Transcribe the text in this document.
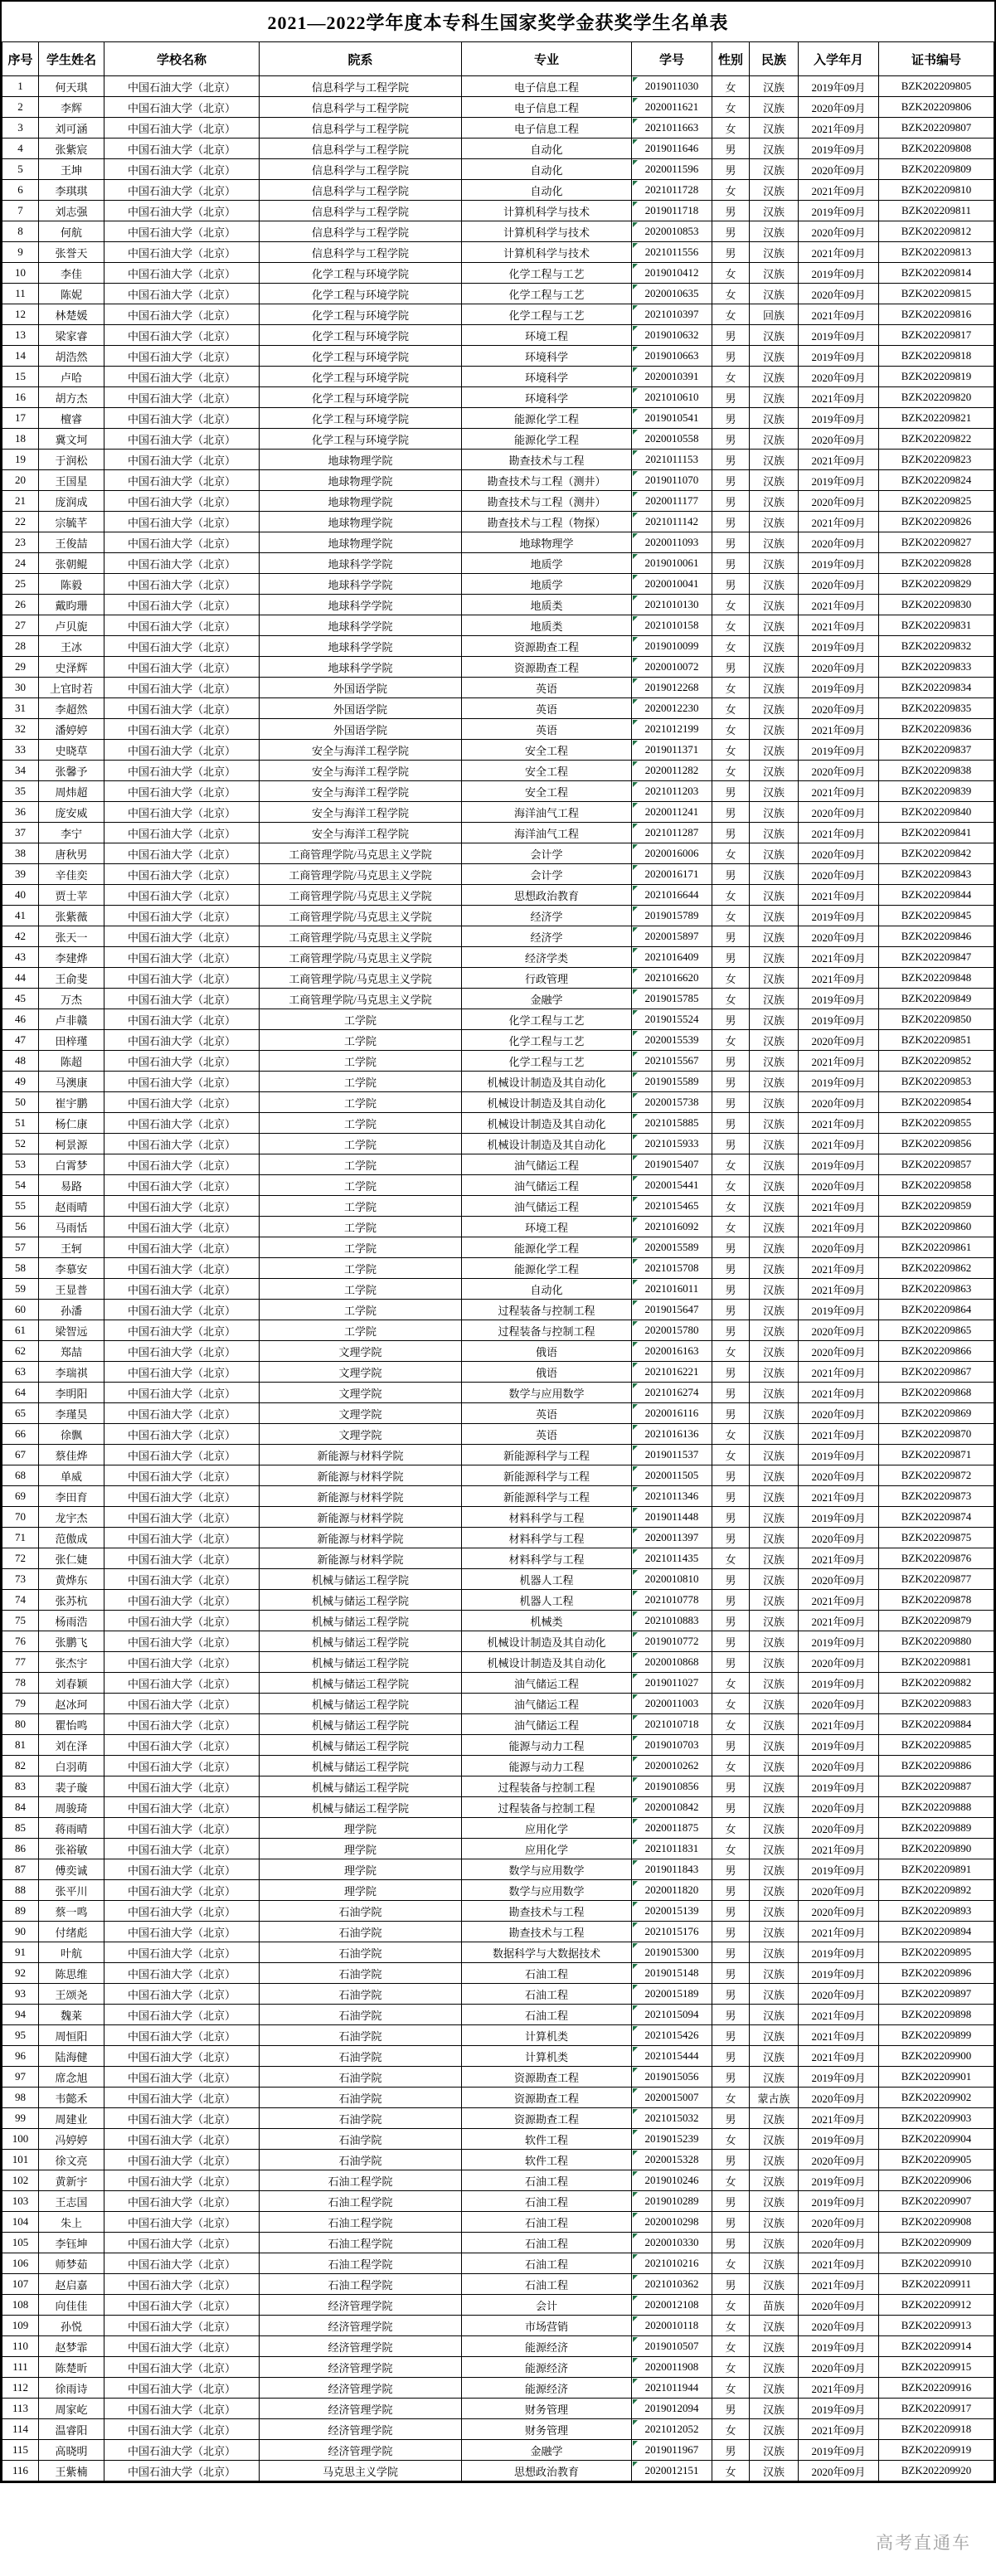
2021—2022学年度本专科生国家奖学金获奖学生名单表
序号	学生姓名	学校名称	院系	专业	学号	性别	民族	入学年月	证书编号
1	何天琪	中国石油大学（北京）	信息科学与工程学院	电子信息工程	2019011030	女	汉族	2019年09月	BZK202209805
2	李辉	中国石油大学（北京）	信息科学与工程学院	电子信息工程	2020011621	女	汉族	2020年09月	BZK202209806
3	刘可涵	中国石油大学（北京）	信息科学与工程学院	电子信息工程	2021011663	女	汉族	2021年09月	BZK202209807
4	张紫宸	中国石油大学（北京）	信息科学与工程学院	自动化	2019011646	男	汉族	2019年09月	BZK202209808
5	王坤	中国石油大学（北京）	信息科学与工程学院	自动化	2020011596	男	汉族	2020年09月	BZK202209809
6	李琪琪	中国石油大学（北京）	信息科学与工程学院	自动化	2021011728	女	汉族	2021年09月	BZK202209810
7	刘志强	中国石油大学（北京）	信息科学与工程学院	计算机科学与技术	2019011718	男	汉族	2019年09月	BZK202209811
8	何航	中国石油大学（北京）	信息科学与工程学院	计算机科学与技术	2020010853	男	汉族	2020年09月	BZK202209812
9	张誉天	中国石油大学（北京）	信息科学与工程学院	计算机科学与技术	2021011556	男	汉族	2021年09月	BZK202209813
10	李佳	中国石油大学（北京）	化学工程与环境学院	化学工程与工艺	2019010412	女	汉族	2019年09月	BZK202209814
11	陈妮	中国石油大学（北京）	化学工程与环境学院	化学工程与工艺	2020010635	女	汉族	2020年09月	BZK202209815
12	林楚媛	中国石油大学（北京）	化学工程与环境学院	化学工程与工艺	2021010397	女	回族	2021年09月	BZK202209816
13	梁家睿	中国石油大学（北京）	化学工程与环境学院	环境工程	2019010632	男	汉族	2019年09月	BZK202209817
14	胡浩然	中国石油大学（北京）	化学工程与环境学院	环境科学	2019010663	男	汉族	2019年09月	BZK202209818
15	卢哈	中国石油大学（北京）	化学工程与环境学院	环境科学	2020010391	女	汉族	2020年09月	BZK202209819
16	胡方杰	中国石油大学（北京）	化学工程与环境学院	环境科学	2021010610	男	汉族	2021年09月	BZK202209820
17	檀睿	中国石油大学（北京）	化学工程与环境学院	能源化学工程	2019010541	男	汉族	2019年09月	BZK202209821
18	冀文坷	中国石油大学（北京）	化学工程与环境学院	能源化学工程	2020010558	男	汉族	2020年09月	BZK202209822
19	于润松	中国石油大学（北京）	地球物理学院	勘查技术与工程	2021011153	男	汉族	2021年09月	BZK202209823
20	王国星	中国石油大学（北京）	地球物理学院	勘查技术与工程（测井）	2019011070	男	汉族	2019年09月	BZK202209824
21	庞润成	中国石油大学（北京）	地球物理学院	勘查技术与工程（测井）	2020011177	男	汉族	2020年09月	BZK202209825
22	宗毓芊	中国石油大学（北京）	地球物理学院	勘查技术与工程（物探）	2021011142	男	汉族	2021年09月	BZK202209826
23	王俊喆	中国石油大学（北京）	地球物理学院	地球物理学	2020011093	男	汉族	2020年09月	BZK202209827
24	张朝鲲	中国石油大学（北京）	地球科学学院	地质学	2019010061	男	汉族	2019年09月	BZK202209828
25	陈毅	中国石油大学（北京）	地球科学学院	地质学	2020010041	男	汉族	2020年09月	BZK202209829
26	戴昀珊	中国石油大学（北京）	地球科学学院	地质类	2021010130	女	汉族	2021年09月	BZK202209830
27	卢贝旎	中国石油大学（北京）	地球科学学院	地质类	2021010158	女	汉族	2021年09月	BZK202209831
28	王冰	中国石油大学（北京）	地球科学学院	资源勘查工程	2019010099	女	汉族	2019年09月	BZK202209832
29	史泽辉	中国石油大学（北京）	地球科学学院	资源勘查工程	2020010072	男	汉族	2020年09月	BZK202209833
30	上官时若	中国石油大学（北京）	外国语学院	英语	2019012268	女	汉族	2019年09月	BZK202209834
31	李超然	中国石油大学（北京）	外国语学院	英语	2020012230	女	汉族	2020年09月	BZK202209835
32	潘婷婷	中国石油大学（北京）	外国语学院	英语	2021012199	女	汉族	2021年09月	BZK202209836
33	史晓草	中国石油大学（北京）	安全与海洋工程学院	安全工程	2019011371	女	汉族	2019年09月	BZK202209837
34	张馨予	中国石油大学（北京）	安全与海洋工程学院	安全工程	2020011282	女	汉族	2020年09月	BZK202209838
35	周炜超	中国石油大学（北京）	安全与海洋工程学院	安全工程	2021011203	男	汉族	2021年09月	BZK202209839
36	庞安威	中国石油大学（北京）	安全与海洋工程学院	海洋油气工程	2020011241	男	汉族	2020年09月	BZK202209840
37	李宁	中国石油大学（北京）	安全与海洋工程学院	海洋油气工程	2021011287	男	汉族	2021年09月	BZK202209841
38	唐秋男	中国石油大学（北京）	工商管理学院/马克思主义学院	会计学	2020016006	女	汉族	2020年09月	BZK202209842
39	辛佳奕	中国石油大学（北京）	工商管理学院/马克思主义学院	会计学	2020016171	男	汉族	2020年09月	BZK202209843
40	贾士苹	中国石油大学（北京）	工商管理学院/马克思主义学院	思想政治教育	2021016644	女	汉族	2021年09月	BZK202209844
41	张紫薇	中国石油大学（北京）	工商管理学院/马克思主义学院	经济学	2019015789	女	汉族	2019年09月	BZK202209845
42	张天一	中国石油大学（北京）	工商管理学院/马克思主义学院	经济学	2020015897	男	汉族	2020年09月	BZK202209846
43	李建烨	中国石油大学（北京）	工商管理学院/马克思主义学院	经济学类	2021016409	男	汉族	2021年09月	BZK202209847
44	王俞斐	中国石油大学（北京）	工商管理学院/马克思主义学院	行政管理	2021016620	女	汉族	2021年09月	BZK202209848
45	万杰	中国石油大学（北京）	工商管理学院/马克思主义学院	金融学	2019015785	女	汉族	2019年09月	BZK202209849
46	卢非赣	中国石油大学（北京）	工学院	化学工程与工艺	2019015524	男	汉族	2019年09月	BZK202209850
47	田梓瑾	中国石油大学（北京）	工学院	化学工程与工艺	2020015539	女	汉族	2020年09月	BZK202209851
48	陈超	中国石油大学（北京）	工学院	化学工程与工艺	2021015567	男	汉族	2021年09月	BZK202209852
49	马澳康	中国石油大学（北京）	工学院	机械设计制造及其自动化	2019015589	男	汉族	2019年09月	BZK202209853
50	崔宇鹏	中国石油大学（北京）	工学院	机械设计制造及其自动化	2020015738	男	汉族	2020年09月	BZK202209854
51	杨仁康	中国石油大学（北京）	工学院	机械设计制造及其自动化	2021015885	男	汉族	2021年09月	BZK202209855
52	柯景源	中国石油大学（北京）	工学院	机械设计制造及其自动化	2021015933	男	汉族	2021年09月	BZK202209856
53	白霄梦	中国石油大学（北京）	工学院	油气储运工程	2019015407	女	汉族	2019年09月	BZK202209857
54	易路	中国石油大学（北京）	工学院	油气储运工程	2020015441	女	汉族	2020年09月	BZK202209858
55	赵雨晴	中国石油大学（北京）	工学院	油气储运工程	2021015465	女	汉族	2021年09月	BZK202209859
56	马雨恬	中国石油大学（北京）	工学院	环境工程	2021016092	女	汉族	2021年09月	BZK202209860
57	王轲	中国石油大学（北京）	工学院	能源化学工程	2020015589	男	汉族	2020年09月	BZK202209861
58	李慕安	中国石油大学（北京）	工学院	能源化学工程	2021015708	男	汉族	2021年09月	BZK202209862
59	王显普	中国石油大学（北京）	工学院	自动化	2021016011	男	汉族	2021年09月	BZK202209863
60	孙潘	中国石油大学（北京）	工学院	过程装备与控制工程	2019015647	男	汉族	2019年09月	BZK202209864
61	梁智远	中国石油大学（北京）	工学院	过程装备与控制工程	2020015780	男	汉族	2020年09月	BZK202209865
62	郑喆	中国石油大学（北京）	文理学院	俄语	2020016163	女	汉族	2020年09月	BZK202209866
63	李瑞祺	中国石油大学（北京）	文理学院	俄语	2021016221	男	汉族	2021年09月	BZK202209867
64	李明阳	中国石油大学（北京）	文理学院	数学与应用数学	2021016274	男	汉族	2021年09月	BZK202209868
65	李瑾昊	中国石油大学（北京）	文理学院	英语	2020016116	男	汉族	2020年09月	BZK202209869
66	徐飘	中国石油大学（北京）	文理学院	英语	2021016136	女	汉族	2021年09月	BZK202209870
67	蔡佳烨	中国石油大学（北京）	新能源与材料学院	新能源科学与工程	2019011537	女	汉族	2019年09月	BZK202209871
68	单威	中国石油大学（北京）	新能源与材料学院	新能源科学与工程	2020011505	男	汉族	2020年09月	BZK202209872
69	李田育	中国石油大学（北京）	新能源与材料学院	新能源科学与工程	2021011346	男	汉族	2021年09月	BZK202209873
70	龙宇杰	中国石油大学（北京）	新能源与材料学院	材料科学与工程	2019011448	男	汉族	2019年09月	BZK202209874
71	范傲成	中国石油大学（北京）	新能源与材料学院	材料科学与工程	2020011397	男	汉族	2020年09月	BZK202209875
72	张仁婕	中国石油大学（北京）	新能源与材料学院	材料科学与工程	2021011435	女	汉族	2021年09月	BZK202209876
73	黄烨东	中国石油大学（北京）	机械与储运工程学院	机器人工程	2020010810	男	汉族	2020年09月	BZK202209877
74	张苏杭	中国石油大学（北京）	机械与储运工程学院	机器人工程	2021010778	男	汉族	2021年09月	BZK202209878
75	杨雨浩	中国石油大学（北京）	机械与储运工程学院	机械类	2021010883	男	汉族	2021年09月	BZK202209879
76	张鹏飞	中国石油大学（北京）	机械与储运工程学院	机械设计制造及其自动化	2019010772	男	汉族	2019年09月	BZK202209880
77	张杰宇	中国石油大学（北京）	机械与储运工程学院	机械设计制造及其自动化	2020010868	男	汉族	2020年09月	BZK202209881
78	刘春颖	中国石油大学（北京）	机械与储运工程学院	油气储运工程	2019011027	女	汉族	2019年09月	BZK202209882
79	赵冰珂	中国石油大学（北京）	机械与储运工程学院	油气储运工程	2020011003	女	汉族	2020年09月	BZK202209883
80	瞿怡鸣	中国石油大学（北京）	机械与储运工程学院	油气储运工程	2021010718	女	汉族	2021年09月	BZK202209884
81	刘在泽	中国石油大学（北京）	机械与储运工程学院	能源与动力工程	2019010703	男	汉族	2019年09月	BZK202209885
82	白羽萌	中国石油大学（北京）	机械与储运工程学院	能源与动力工程	2020010262	女	汉族	2020年09月	BZK202209886
83	裴子璇	中国石油大学（北京）	机械与储运工程学院	过程装备与控制工程	2019010856	男	汉族	2019年09月	BZK202209887
84	周骏琦	中国石油大学（北京）	机械与储运工程学院	过程装备与控制工程	2020010842	男	汉族	2020年09月	BZK202209888
85	蒋雨晴	中国石油大学（北京）	理学院	应用化学	2020011875	女	汉族	2020年09月	BZK202209889
86	张裕敏	中国石油大学（北京）	理学院	应用化学	2021011831	女	汉族	2021年09月	BZK202209890
87	傅奕诚	中国石油大学（北京）	理学院	数学与应用数学	2019011843	男	汉族	2019年09月	BZK202209891
88	张平川	中国石油大学（北京）	理学院	数学与应用数学	2020011820	男	汉族	2020年09月	BZK202209892
89	蔡一鸣	中国石油大学（北京）	石油学院	勘查技术与工程	2020015139	男	汉族	2020年09月	BZK202209893
90	付绪彪	中国石油大学（北京）	石油学院	勘查技术与工程	2021015176	男	汉族	2021年09月	BZK202209894
91	叶航	中国石油大学（北京）	石油学院	数据科学与大数据技术	2019015300	男	汉族	2019年09月	BZK202209895
92	陈思维	中国石油大学（北京）	石油学院	石油工程	2019015148	男	汉族	2019年09月	BZK202209896
93	王颂尧	中国石油大学（北京）	石油学院	石油工程	2020015189	男	汉族	2020年09月	BZK202209897
94	魏莱	中国石油大学（北京）	石油学院	石油工程	2021015094	男	汉族	2021年09月	BZK202209898
95	周恒阳	中国石油大学（北京）	石油学院	计算机类	2021015426	男	汉族	2021年09月	BZK202209899
96	陆海健	中国石油大学（北京）	石油学院	计算机类	2021015444	男	汉族	2021年09月	BZK202209900
97	席念旭	中国石油大学（北京）	石油学院	资源勘查工程	2019015056	男	汉族	2019年09月	BZK202209901
98	韦懿禾	中国石油大学（北京）	石油学院	资源勘查工程	2020015007	女	蒙古族	2020年09月	BZK202209902
99	周建业	中国石油大学（北京）	石油学院	资源勘查工程	2021015032	男	汉族	2021年09月	BZK202209903
100	冯婷婷	中国石油大学（北京）	石油学院	软件工程	2019015239	女	汉族	2019年09月	BZK202209904
101	徐文亮	中国石油大学（北京）	石油学院	软件工程	2020015328	男	汉族	2020年09月	BZK202209905
102	黄新宇	中国石油大学（北京）	石油工程学院	石油工程	2019010246	女	汉族	2019年09月	BZK202209906
103	王志国	中国石油大学（北京）	石油工程学院	石油工程	2019010289	男	汉族	2019年09月	BZK202209907
104	朱上	中国石油大学（北京）	石油工程学院	石油工程	2020010298	男	汉族	2020年09月	BZK202209908
105	李钰坤	中国石油大学（北京）	石油工程学院	石油工程	2020010330	男	汉族	2020年09月	BZK202209909
106	师梦茹	中国石油大学（北京）	石油工程学院	石油工程	2021010216	女	汉族	2021年09月	BZK202209910
107	赵启嘉	中国石油大学（北京）	石油工程学院	石油工程	2021010362	男	汉族	2021年09月	BZK202209911
108	向佳佳	中国石油大学（北京）	经济管理学院	会计	2020012108	女	苗族	2020年09月	BZK202209912
109	孙悦	中国石油大学（北京）	经济管理学院	市场营销	2020010118	女	汉族	2020年09月	BZK202209913
110	赵梦霏	中国石油大学（北京）	经济管理学院	能源经济	2019010507	女	汉族	2019年09月	BZK202209914
111	陈楚昕	中国石油大学（北京）	经济管理学院	能源经济	2020011908	女	汉族	2020年09月	BZK202209915
112	徐雨诗	中国石油大学（北京）	经济管理学院	能源经济	2021011944	女	汉族	2021年09月	BZK202209916
113	周家屹	中国石油大学（北京）	经济管理学院	财务管理	2019012094	男	汉族	2019年09月	BZK202209917
114	温睿阳	中国石油大学（北京）	经济管理学院	财务管理	2021012052	女	汉族	2021年09月	BZK202209918
115	高晓明	中国石油大学（北京）	经济管理学院	金融学	2019011967	男	汉族	2019年09月	BZK202209919
116	王紫楠	中国石油大学（北京）	马克思主义学院	思想政治教育	2020012151	女	汉族	2020年09月	BZK202209920
高考直通车
